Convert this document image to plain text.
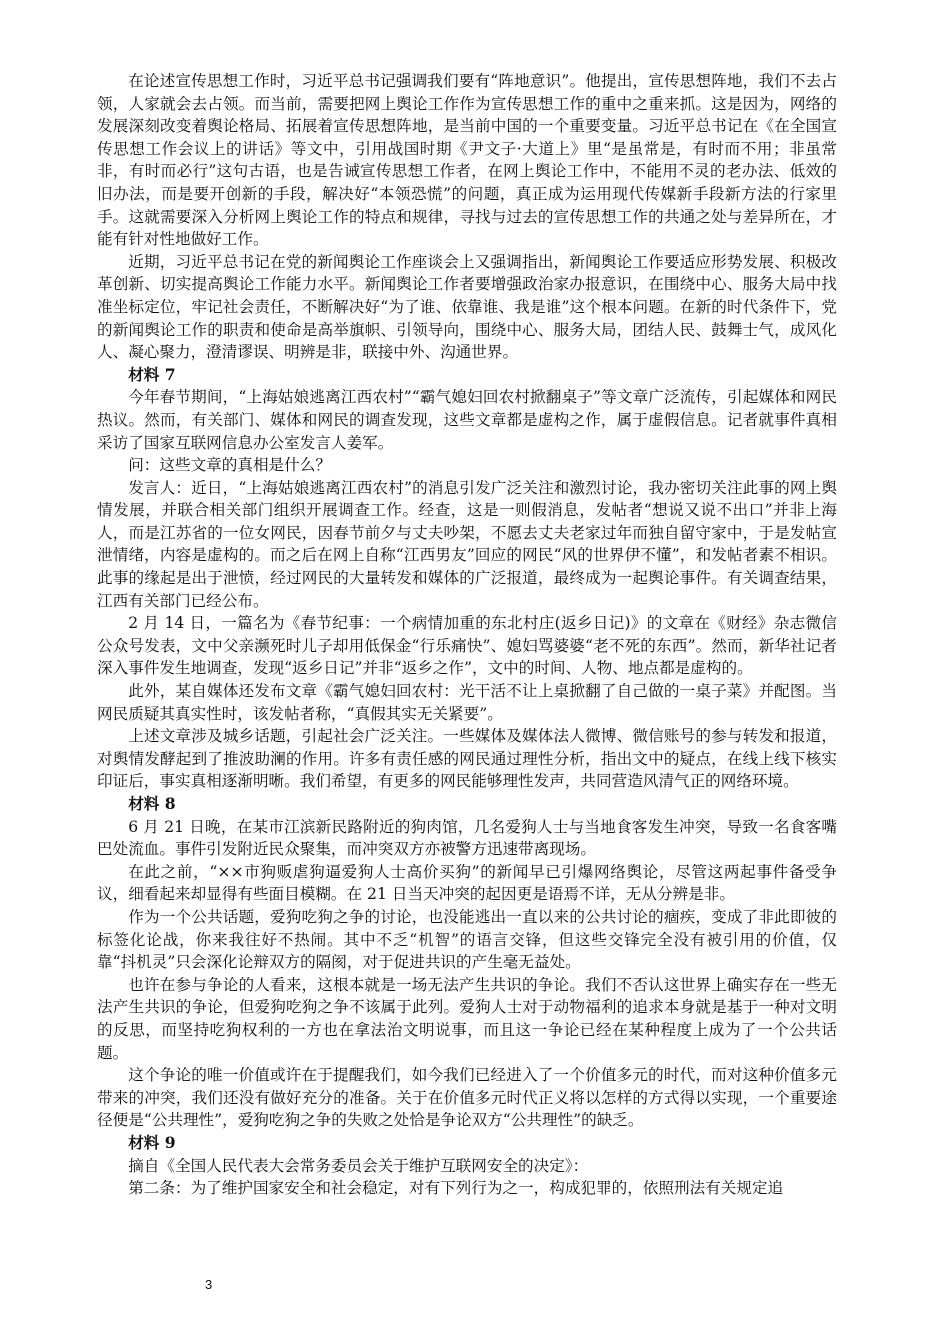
在论述宣传思想工作时，习近平总书记强调我们要有“阵地意识”。他提出，宣传思想阵地，我们不去占领，人家就会去占领。而当前，需要把网上舆论工作作为宣传思想工作的重中之重来抓。这是因为，网络的发展深刻改变着舆论格局、拓展着宣传思想阵地，是当前中国的一个重要变量。习近平总书记在《在全国宣传思想工作会议上的讲话》等文中，引用战国时期《尹文子·大道上》里“是虽常是，有时而不用；非虽常非，有时而必行”这句古语，也是告诫宣传思想工作者，在网上舆论工作中，不能用不灵的老办法、低效的旧办法，而是要开创新的手段，解决好“本领恐慌”的问题，真正成为运用现代传媒新手段新方法的行家里手。这就需要深入分析网上舆论工作的特点和规律，寻找与过去的宣传思想工作的共通之处与差异所在，才能有针对性地做好工作。

近期，习近平总书记在党的新闻舆论工作座谈会上又强调指出，新闻舆论工作要适应形势发展、积极改革创新、切实提高舆论工作能力水平。新闻舆论工作者要增强政治家办报意识，在围绕中心、服务大局中找准坐标定位，牢记社会责任，不断解决好“为了谁、依靠谁、我是谁”这个根本问题。在新的时代条件下，党的新闻舆论工作的职责和使命是高举旗帜、引领导向，围绕中心、服务大局，团结人民、鼓舞士气，成风化人、凝心聚力，澄清谬误、明辨是非，联接中外、沟通世界。

材料 7

今年春节期间，“上海姑娘逃离江西农村”“霸气媳妇回农村掀翻桌子”等文章广泛流传，引起媒体和网民热议。然而，有关部门、媒体和网民的调查发现，这些文章都是虚构之作，属于虚假信息。记者就事件真相采访了国家互联网信息办公室发言人姜军。

问：这些文章的真相是什么？

发言人：近日，“上海姑娘逃离江西农村”的消息引发广泛关注和激烈讨论，我办密切关注此事的网上舆情发展，并联合相关部门组织开展调查工作。经查，这是一则假消息，发帖者“想说又说不出口”并非上海人，而是江苏省的一位女网民，因春节前夕与丈夫吵架，不愿去丈夫老家过年而独自留守家中，于是发帖宣泄情绪，内容是虚构的。而之后在网上自称“江西男友”回应的网民“风的世界伊不懂”，和发帖者素不相识。此事的缘起是出于泄愤，经过网民的大量转发和媒体的广泛报道，最终成为一起舆论事件。有关调查结果，江西有关部门已经公布。

2 月 14 日，一篇名为《春节纪事：一个病情加重的东北村庄(返乡日记)》的文章在《财经》杂志微信公众号发表，文中父亲濒死时儿子却用低保金“行乐痛快”、媳妇骂婆婆“老不死的东西”。然而，新华社记者深入事件发生地调查，发现“返乡日记”并非“返乡之作”，文中的时间、人物、地点都是虚构的。

此外，某自媒体还发布文章《霸气媳妇回农村：光干活不让上桌掀翻了自己做的一桌子菜》并配图。当网民质疑其真实性时，该发帖者称，“真假其实无关紧要”。

上述文章涉及城乡话题，引起社会广泛关注。一些媒体及媒体法人微博、微信账号的参与转发和报道，对舆情发酵起到了推波助澜的作用。许多有责任感的网民通过理性分析，指出文中的疑点，在线上线下核实印证后，事实真相逐渐明晰。我们希望，有更多的网民能够理性发声，共同营造风清气正的网络环境。

材料 8

6 月 21 日晚，在某市江滨新民路附近的狗肉馆，几名爱狗人士与当地食客发生冲突，导致一名食客嘴巴处流血。事件引发附近民众聚集，而冲突双方亦被警方迅速带离现场。

在此之前，“××市狗贩虐狗逼爱狗人士高价买狗”的新闻早已引爆网络舆论，尽管这两起事件备受争议，细看起来却显得有些面目模糊。在 21 日当天冲突的起因更是语焉不详，无从分辨是非。

作为一个公共话题，爱狗吃狗之争的讨论，也没能逃出一直以来的公共讨论的痼疾，变成了非此即彼的标签化论战，你来我往好不热闹。其中不乏“机智”的语言交锋，但这些交锋完全没有被引用的价值，仅靠“抖机灵”只会深化论辩双方的隔阂，对于促进共识的产生毫无益处。

也许在参与争论的人看来，这根本就是一场无法产生共识的争论。我们不否认这世界上确实存在一些无法产生共识的争论，但爱狗吃狗之争不该属于此列。爱狗人士对于动物福利的追求本身就是基于一种对文明的反思，而坚持吃狗权利的一方也在拿法治文明说事，而且这一争论已经在某种程度上成为了一个公共话题。

这个争论的唯一价值或许在于提醒我们，如今我们已经进入了一个价值多元的时代，而对这种价值多元带来的冲突，我们还没有做好充分的准备。关于在价值多元时代正义将以怎样的方式得以实现，一个重要途径便是“公共理性”，爱狗吃狗之争的失败之处恰是争论双方“公共理性”的缺乏。

材料 9

摘自《全国人民代表大会常务委员会关于维护互联网安全的决定》：

第二条：为了维护国家安全和社会稳定，对有下列行为之一，构成犯罪的，依照刑法有关规定追

3
